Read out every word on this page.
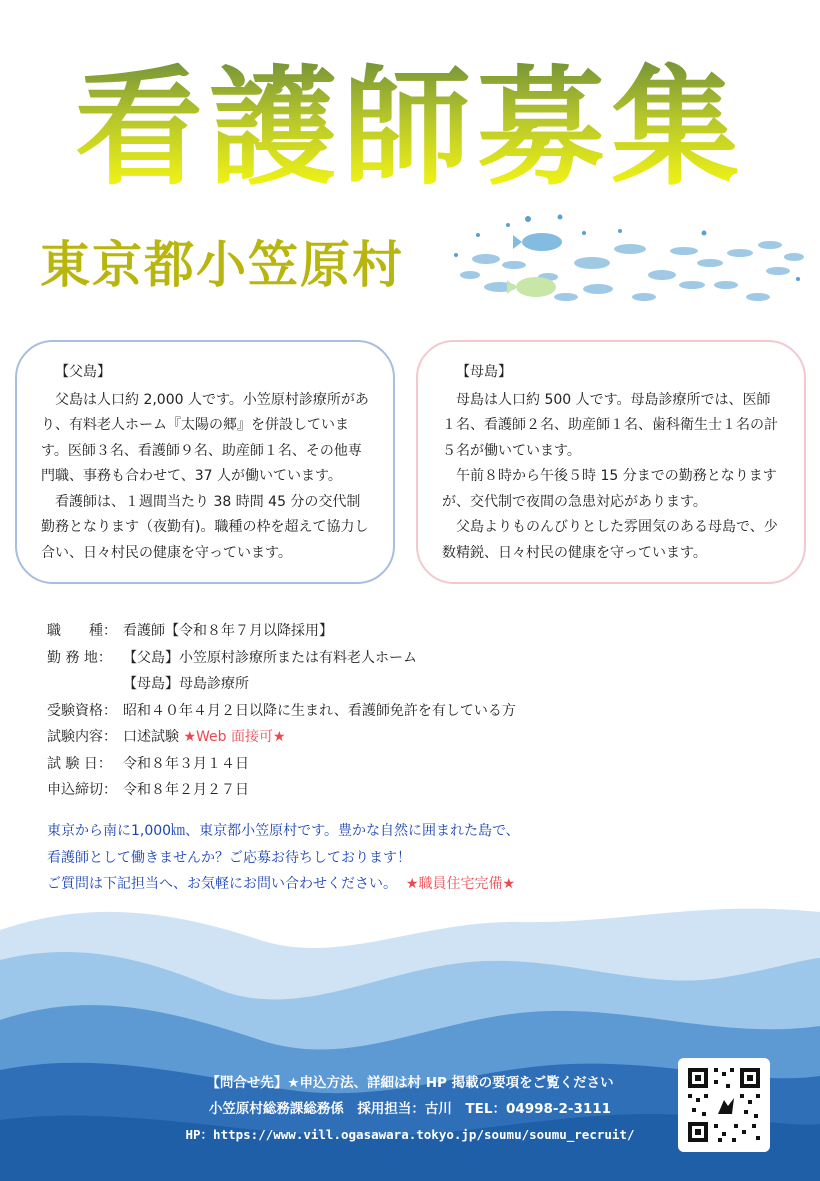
看護師募集
東京都小笠原村
【父島】

父島は人口約 2,000 人です。小笠原村診療所があり、有料老人ホーム『太陽の郷』を併設しています。医師３名、看護師９名、助産師１名、その他専門職、事務も合わせて、37 人が働いています。

看護師は、１週間当たり 38 時間 45 分の交代制勤務となります（夜勤有)。職種の枠を超えて協力し合い、日々村民の健康を守っています。

【母島】

母島は人口約 500 人です。母島診療所では、医師１名、看護師２名、助産師１名、歯科衛生士１名の計５名が働いています。

午前８時から午後５時 15 分までの勤務となりますが、交代制で夜間の急患対応があります。

父島よりものんびりとした雰囲気のある母島で、少数精鋭、日々村民の健康を守っています。

職　　種： 看護師【令和８年７月以降採用】
勤 務 地： 【父島】小笠原村診療所または有料老人ホーム
【母島】母島診療所
受験資格： 昭和４０年４月２日以降に生まれ、看護師免許を有している方
試験内容： 口述試験
★Web 面接可★
試 験 日： 令和８年３月１４日
申込締切： 令和８年２月２７日
東京から南に1,000㎞、東京都小笠原村です。豊かな自然に囲まれた島で、
看護師として働きませんか？ご応募お待ちしております！
ご質問は下記担当へ、お気軽にお問い合わせください。 ★職員住宅完備★
【問合せ先】★申込方法、詳細は村 HP 掲載の要項をご覧ください
小笠原村総務課総務係　採用担当：古川　TEL：04998-2-3111
HP：https://www.vill.ogasawara.tokyo.jp/soumu/soumu_recruit/
